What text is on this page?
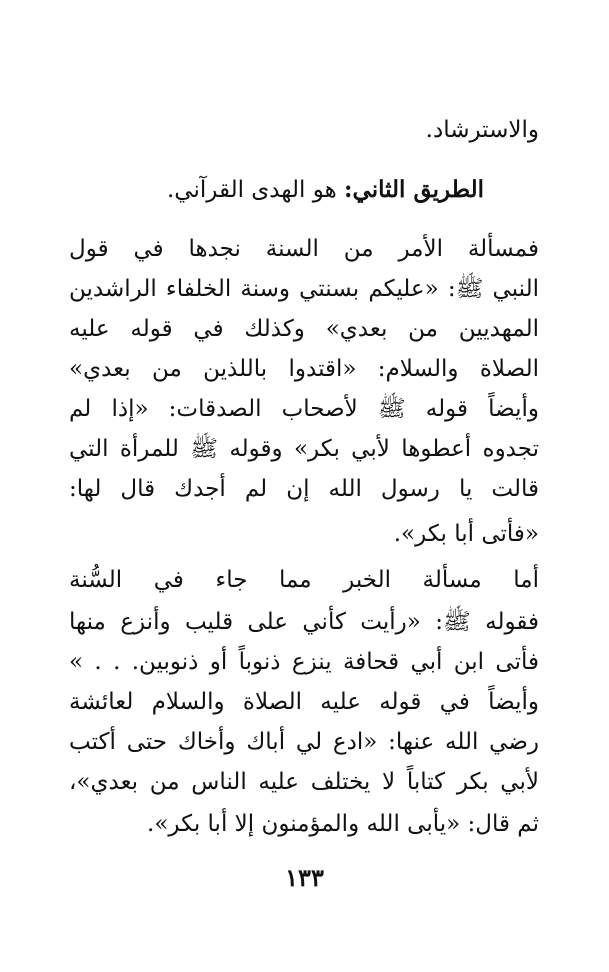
والاسترشاد.
الطريق الثاني: هو الهدى القرآني.
فمسألة الأمر من السنة نجدها في قول
النبي ﷺ: «عليكم بسنتي وسنة الخلفاء الراشدين
المهديين من بعدي» وكذلك في قوله عليه
الصلاة والسلام: «اقتدوا باللذين من بعدي»
وأيضاً قوله ﷺ لأصحاب الصدقات: «إذا لم
تجدوه أعطوها لأبي بكر» وقوله ﷺ للمرأة التي
قالت يا رسول الله إن لم أجدك قال لها:
«فأتى أبا بكر».
أما مسألة الخبر مما جاء في السُّنة
فقوله ﷺ: «رأيت كأني على قليب وأنزع منها
فأتى ابن أبي قحافة ينزع ذنوباً أو ذنوبين. . . »
وأيضاً في قوله عليه الصلاة والسلام لعائشة
رضي الله عنها: «ادع لي أباك وأخاك حتى أكتب
لأبي بكر كتاباً لا يختلف عليه الناس من بعدي»،
ثم قال: «يأبى الله والمؤمنون إلا أبا بكر».
١٣٣
